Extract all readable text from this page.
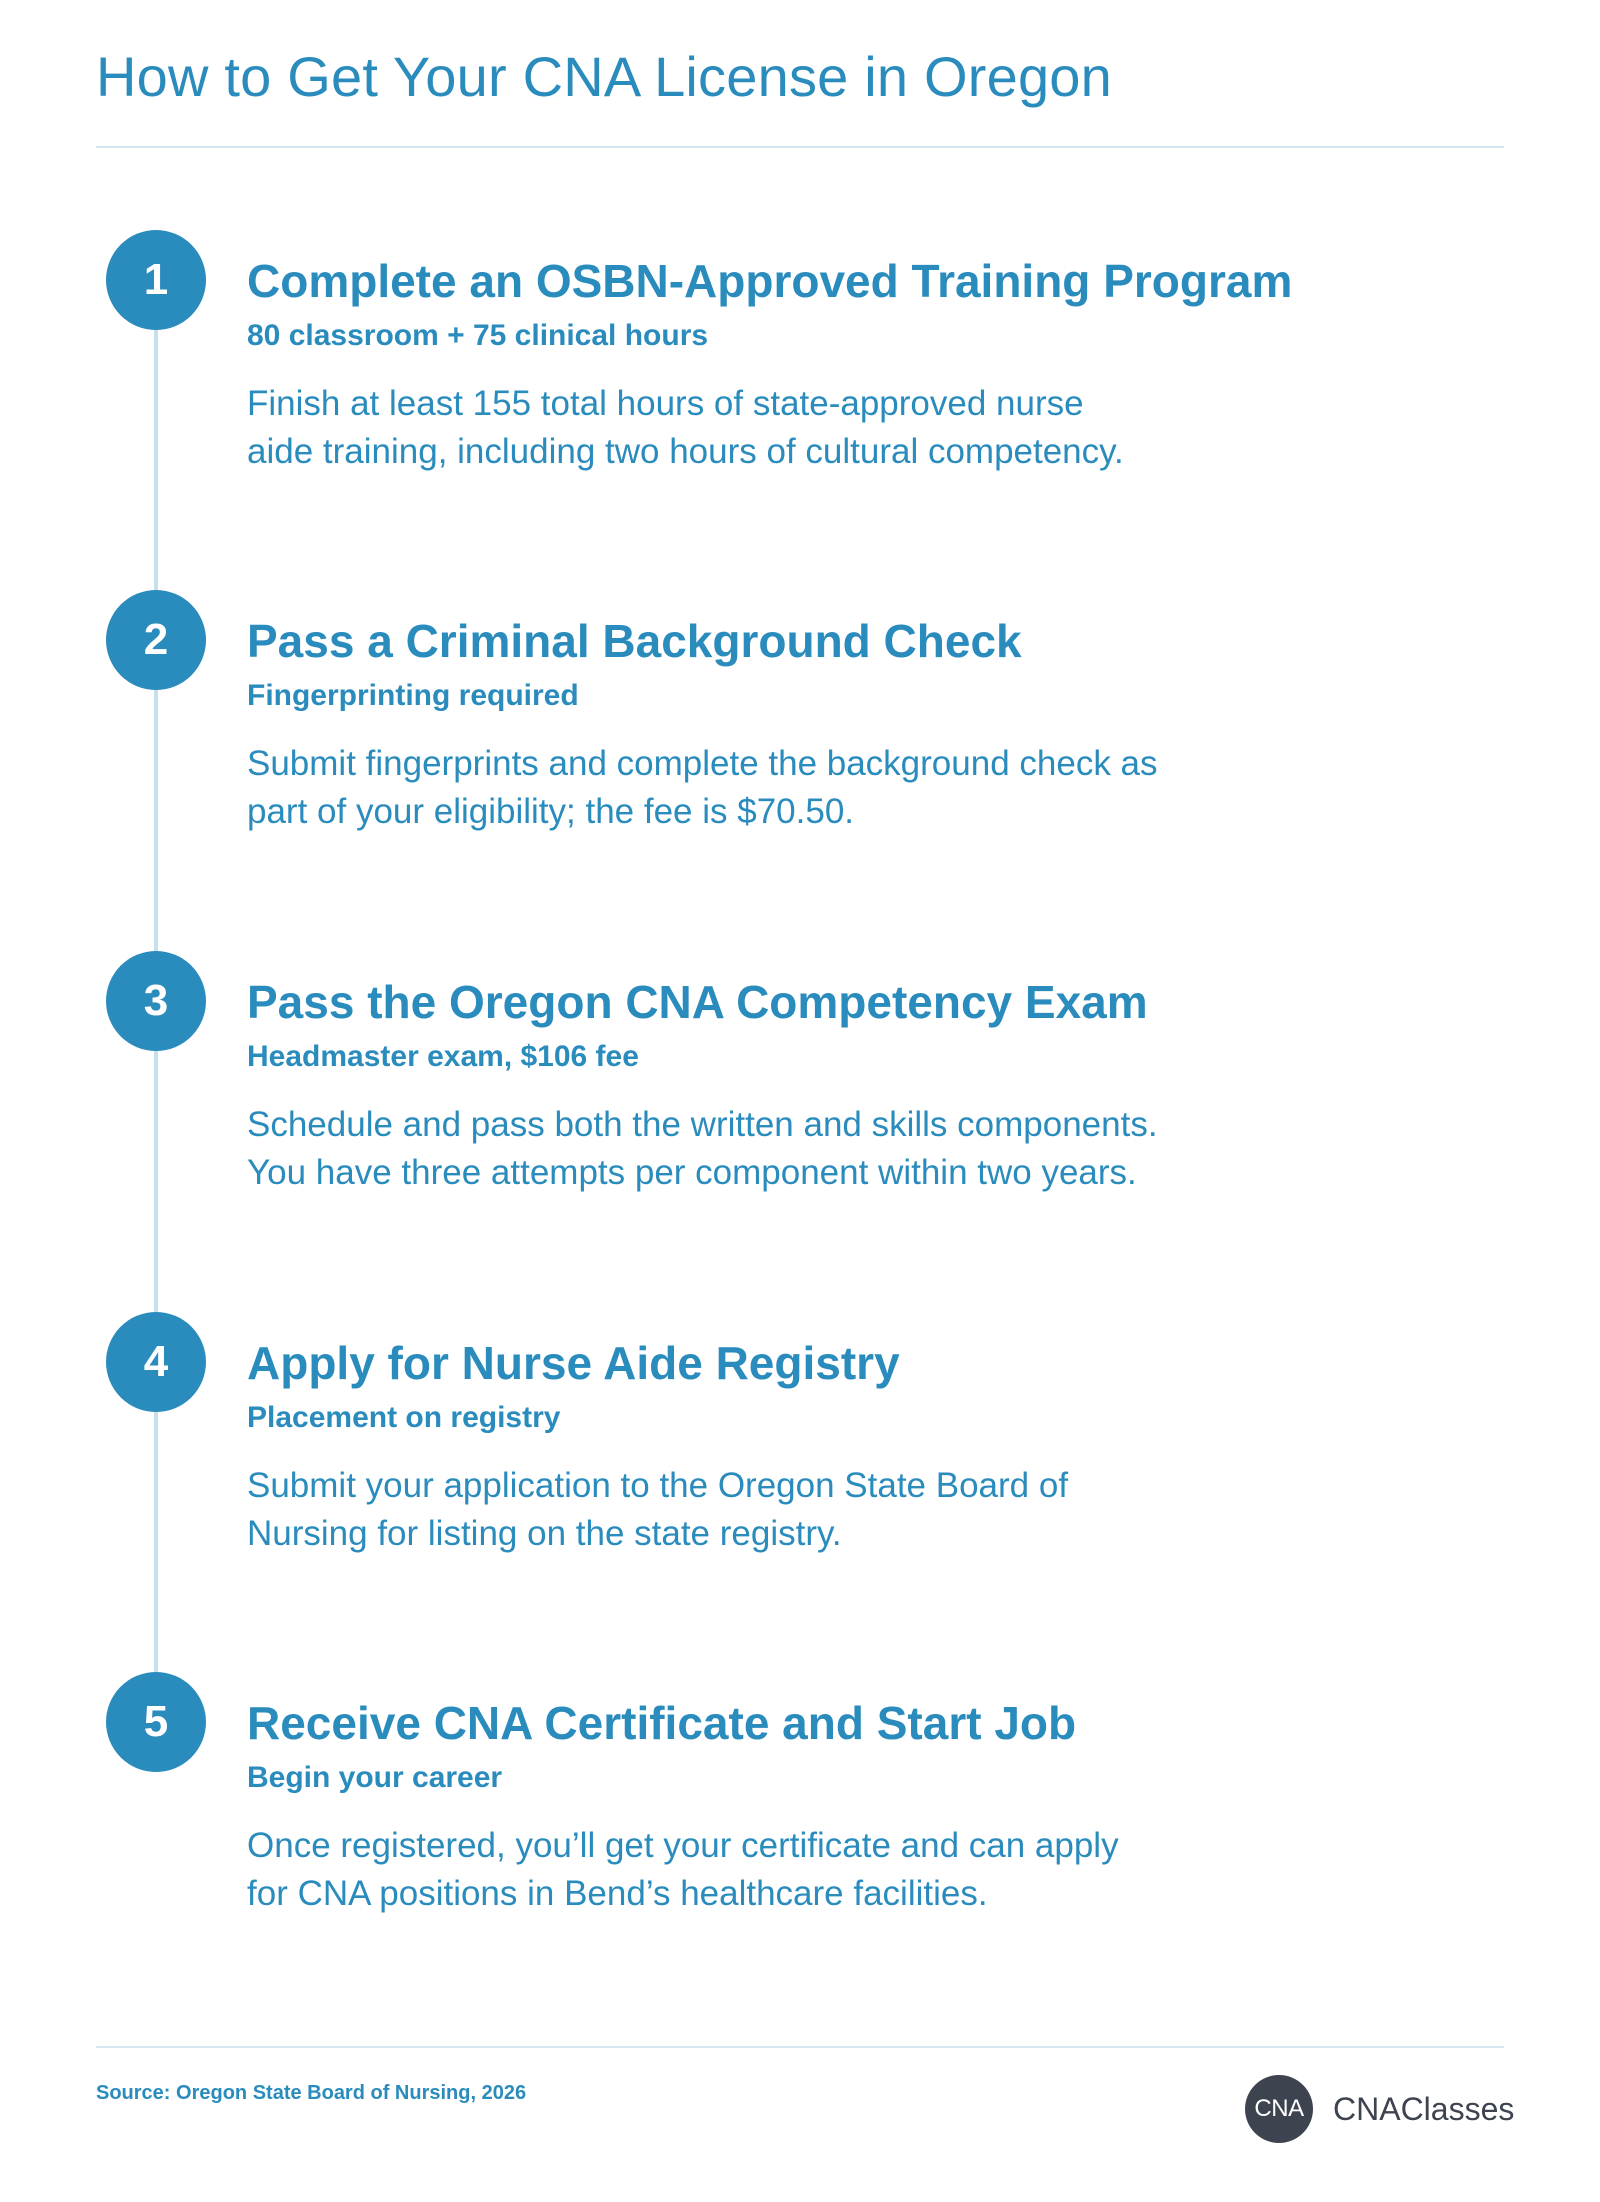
How to Get Your CNA License in Oregon
1	Complete an OSBN-Approved Training Program
80 classroom + 75 clinical hours
Finish at least 155 total hours of state-approved nurse
aide training, including two hours of cultural competency.
2	Pass a Criminal Background Check
Fingerprinting required
Submit fingerprints and complete the background check as
part of your eligibility; the fee is $70.50.
3	Pass the Oregon CNA Competency Exam
Headmaster exam, $106 fee
Schedule and pass both the written and skills components.
You have three attempts per component within two years.
4	Apply for Nurse Aide Registry
Placement on registry
Submit your application to the Oregon State Board of
Nursing for listing on the state registry.
5	Receive CNA Certificate and Start Job
Begin your career
Once registered, you’ll get your certificate and can apply
for CNA positions in Bend’s healthcare facilities.
Source: Oregon State Board of Nursing, 2026
CNA CNAClasses
